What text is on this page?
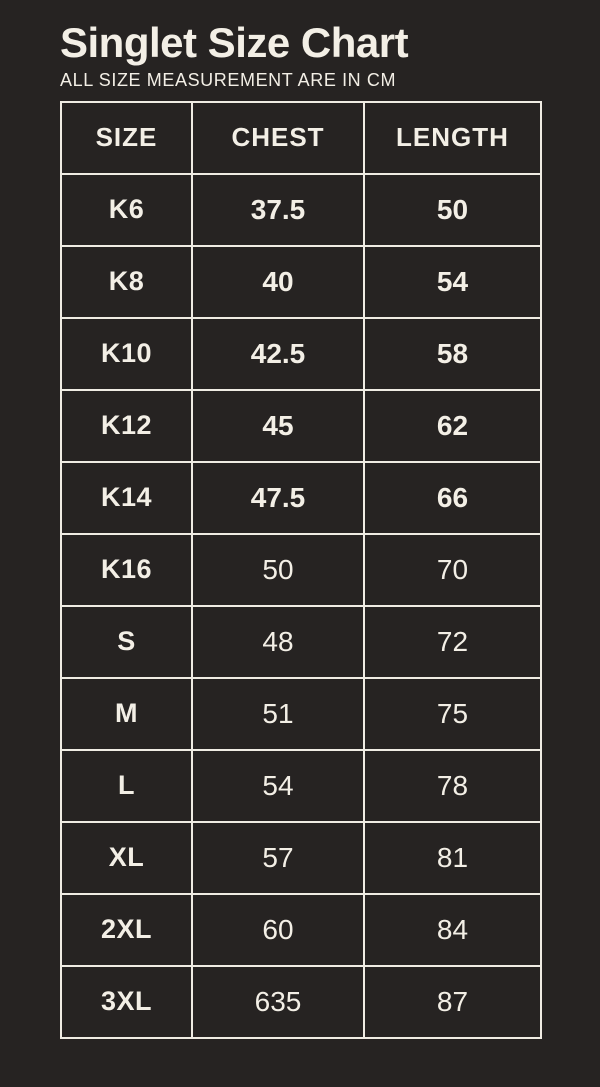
Singlet Size Chart
ALL SIZE MEASUREMENT ARE IN CM
SIZE	CHEST	LENGTH
K6	37.5	50
K8	40	54
K10	42.5	58
K12	45	62
K14	47.5	66
K16	50	70
S	48	72
M	51	75
L	54	78
XL	57	81
2XL	60	84
3XL	635	87
